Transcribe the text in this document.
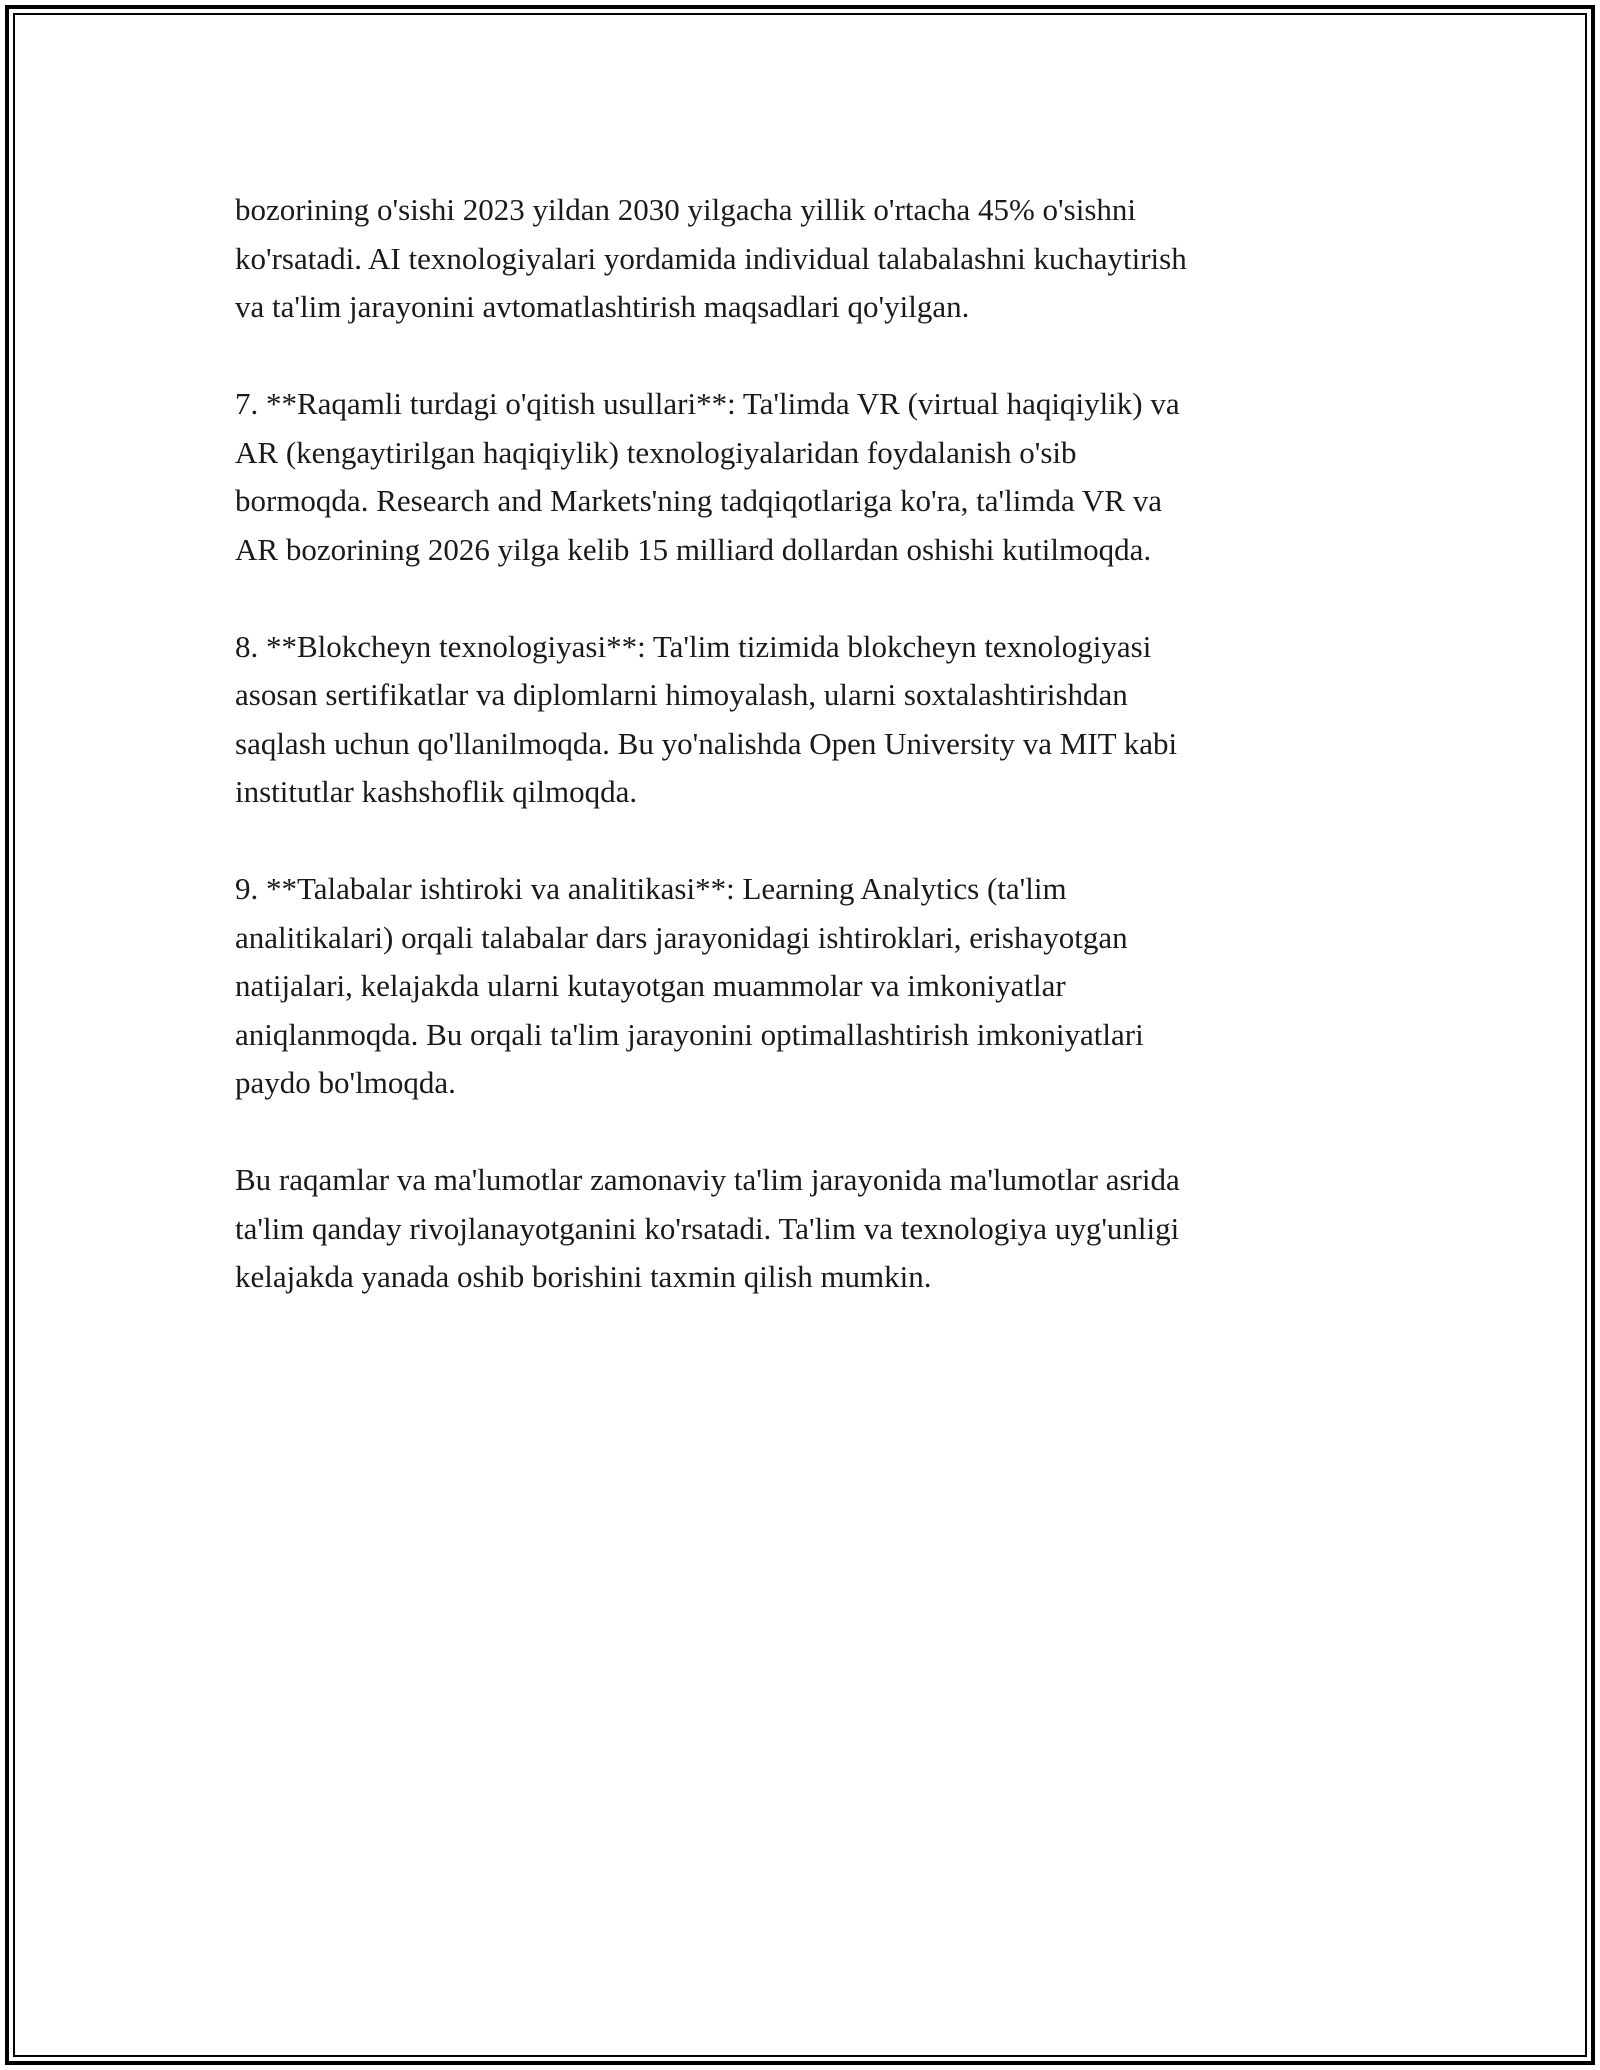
bozorining o'sishi 2023 yildan 2030 yilgacha yillik o'rtacha 45% o'sishni
ko'rsatadi. AI texnologiyalari yordamida individual talabalashni kuchaytirish
va ta'lim jarayonini avtomatlashtirish maqsadlari qo'yilgan.

7. **Raqamli turdagi o'qitish usullari**: Ta'limda VR (virtual haqiqiylik) va
AR (kengaytirilgan haqiqiylik) texnologiyalaridan foydalanish o'sib
bormoqda. Research and Markets'ning tadqiqotlariga ko'ra, ta'limda VR va
AR bozorining 2026 yilga kelib 15 milliard dollardan oshishi kutilmoqda.

8. **Blokcheyn texnologiyasi**: Ta'lim tizimida blokcheyn texnologiyasi
asosan sertifikatlar va diplomlarni himoyalash, ularni soxtalashtirishdan
saqlash uchun qo'llanilmoqda. Bu yo'nalishda Open University va MIT kabi
institutlar kashshoflik qilmoqda.

9. **Talabalar ishtiroki va analitikasi**: Learning Analytics (ta'lim
analitikalari) orqali talabalar dars jarayonidagi ishtiroklari, erishayotgan
natijalari, kelajakda ularni kutayotgan muammolar va imkoniyatlar
aniqlanmoqda. Bu orqali ta'lim jarayonini optimallashtirish imkoniyatlari
paydo bo'lmoqda.

Bu raqamlar va ma'lumotlar zamonaviy ta'lim jarayonida ma'lumotlar asrida
ta'lim qanday rivojlanayotganini ko'rsatadi. Ta'lim va texnologiya uyg'unligi
kelajakda yanada oshib borishini taxmin qilish mumkin.
